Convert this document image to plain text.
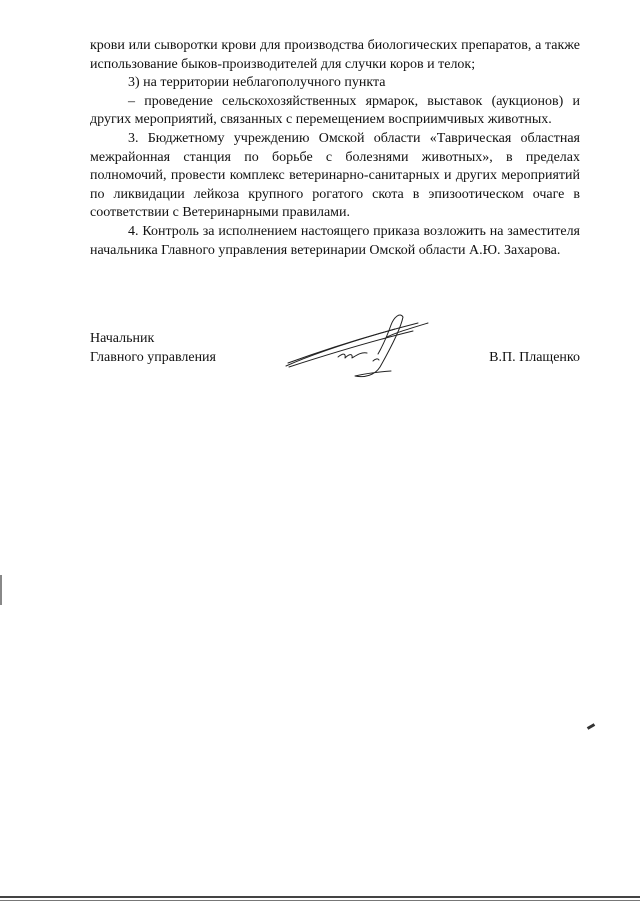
крови или сыворотки крови для производства биологических препаратов, а также использование быков-производителей для случки коров и телок;

3) на территории неблагополучного пункта

– проведение сельскохозяйственных ярмарок, выставок (аукционов) и других мероприятий, связанных с перемещением восприимчивых животных.

3. Бюджетному учреждению Омской области «Таврическая областная межрайонная станция по борьбе с болезнями животных», в пределах полномочий, провести комплекс ветеринарно-санитарных и других мероприятий по ликвидации лейкоза крупного рогатого скота в эпизоотическом очаге в соответствии с Ветеринарными правилами.

4. Контроль за исполнением настоящего приказа возложить на заместителя начальника Главного управления ветеринарии Омской области А.Ю. Захарова.

Начальник
Главного управления	В.П. Плащенко
